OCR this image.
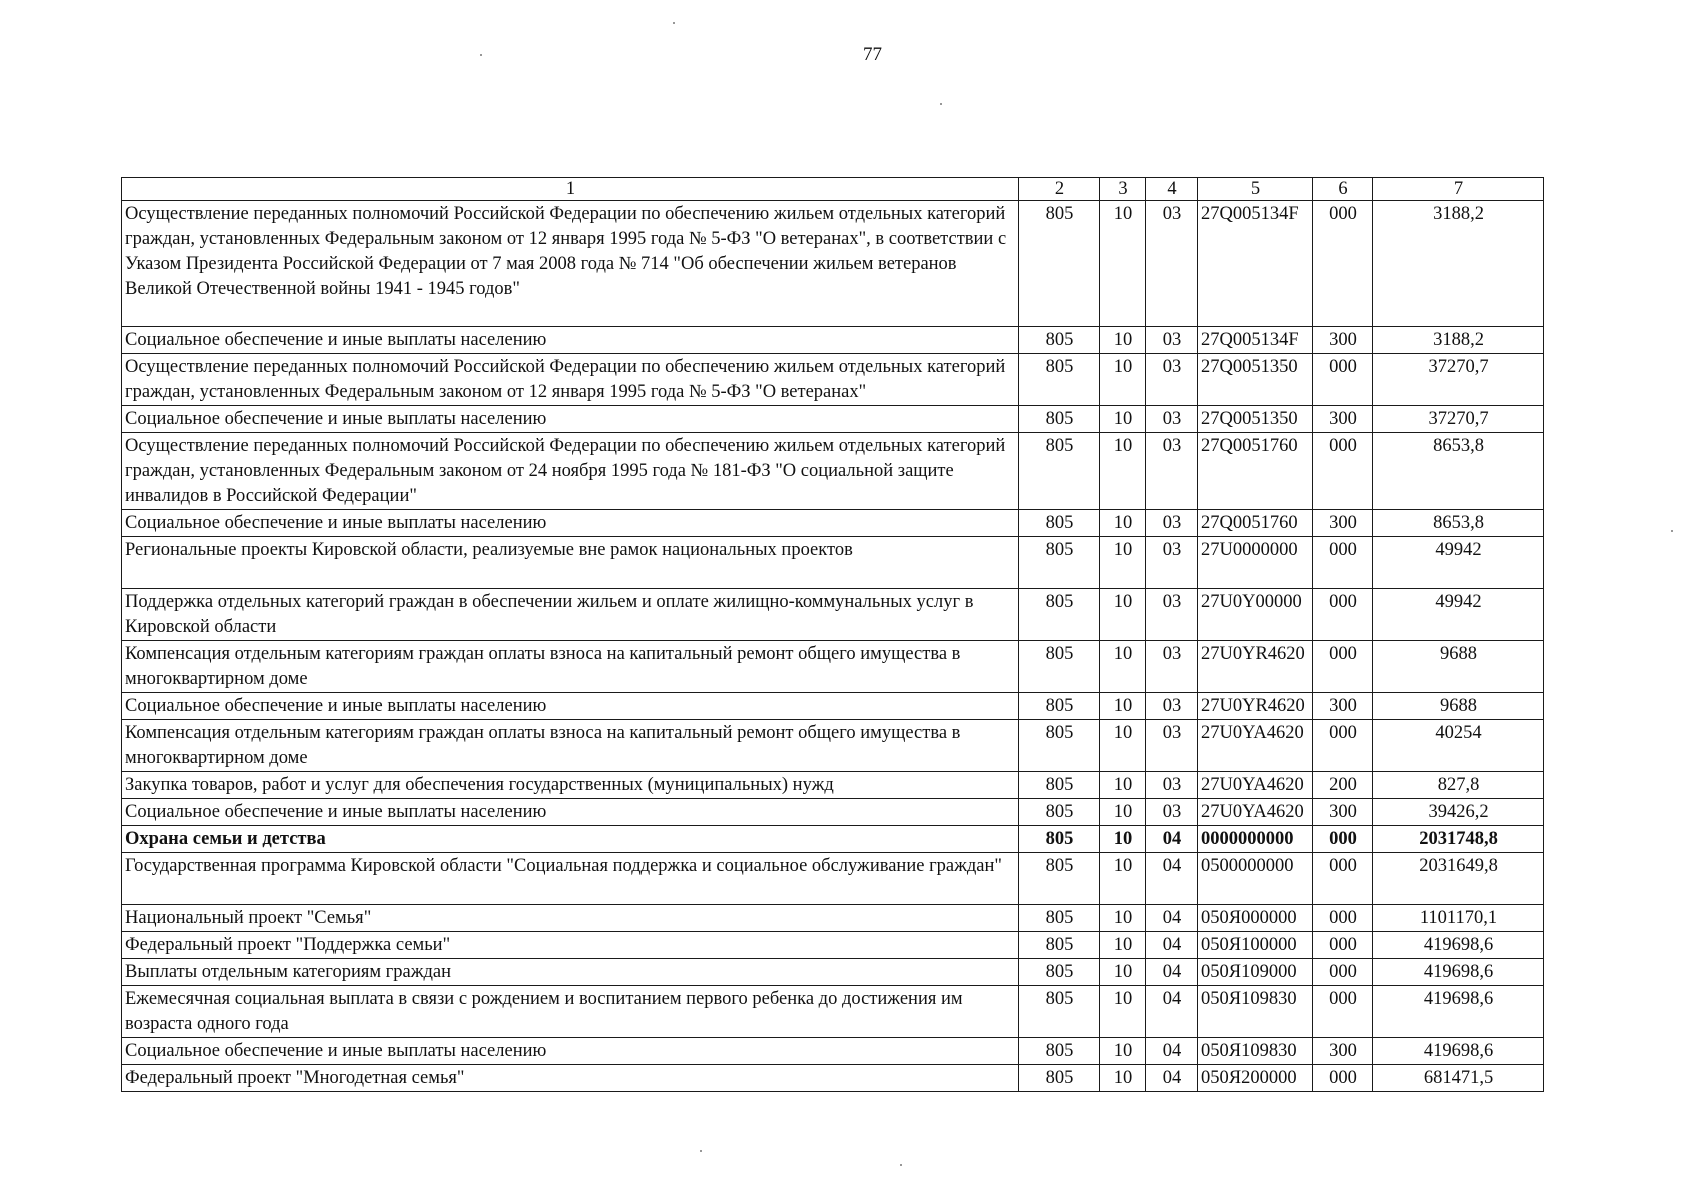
77
1	2	3	4	5	6	7
Осуществление переданных полномочий Российской Федерации по обеспечению жильем отдельных категорий граждан, установленных Федеральным законом от 12 января 1995 года № 5-ФЗ "О ветеранах", в соответствии с Указом Президента Российской Федерации от 7 мая 2008 года № 714 "Об обеспечении жильем ветеранов Великой Отечественной войны 1941 - 1945 годов"	805	10	03	27Q005134F	000	3188,2
Социальное обеспечение и иные выплаты населению	805	10	03	27Q005134F	300	3188,2
Осуществление переданных полномочий Российской Федерации по обеспечению жильем отдельных категорий граждан, установленных Федеральным законом от 12 января 1995 года № 5-ФЗ "О ветеранах"	805	10	03	27Q0051350	000	37270,7
Социальное обеспечение и иные выплаты населению	805	10	03	27Q0051350	300	37270,7
Осуществление переданных полномочий Российской Федерации по обеспечению жильем отдельных категорий граждан, установленных Федеральным законом от 24 ноября 1995 года № 181-ФЗ "О социальной защите инвалидов в Российской Федерации"	805	10	03	27Q0051760	000	8653,8
Социальное обеспечение и иные выплаты населению	805	10	03	27Q0051760	300	8653,8
Региональные проекты Кировской области, реализуемые вне рамок национальных проектов	805	10	03	27U0000000	000	49942
Поддержка отдельных категорий граждан в обеспечении жильем и оплате жилищно-коммунальных услуг в Кировской области	805	10	03	27U0Y00000	000	49942
Компенсация отдельным категориям граждан оплаты взноса на капитальный ремонт общего имущества в многоквартирном доме	805	10	03	27U0YR4620	000	9688
Социальное обеспечение и иные выплаты населению	805	10	03	27U0YR4620	300	9688
Компенсация отдельным категориям граждан оплаты взноса на капитальный ремонт общего имущества в многоквартирном доме	805	10	03	27U0YA4620	000	40254
Закупка товаров, работ и услуг для обеспечения государственных (муниципальных) нужд	805	10	03	27U0YA4620	200	827,8
Социальное обеспечение и иные выплаты населению	805	10	03	27U0YA4620	300	39426,2
Охрана семьи и детства	805	10	04	0000000000	000	2031748,8
Государственная программа Кировской области "Социальная поддержка и социальное обслуживание граждан"	805	10	04	0500000000	000	2031649,8
Национальный проект "Семья"	805	10	04	050Я000000	000	1101170,1
Федеральный проект "Поддержка семьи"	805	10	04	050Я100000	000	419698,6
Выплаты отдельным категориям граждан	805	10	04	050Я109000	000	419698,6
Ежемесячная социальная выплата в связи с рождением и воспитанием первого ребенка до достижения им возраста одного года	805	10	04	050Я109830	000	419698,6
Социальное обеспечение и иные выплаты населению	805	10	04	050Я109830	300	419698,6
Федеральный проект "Многодетная семья"	805	10	04	050Я200000	000	681471,5
